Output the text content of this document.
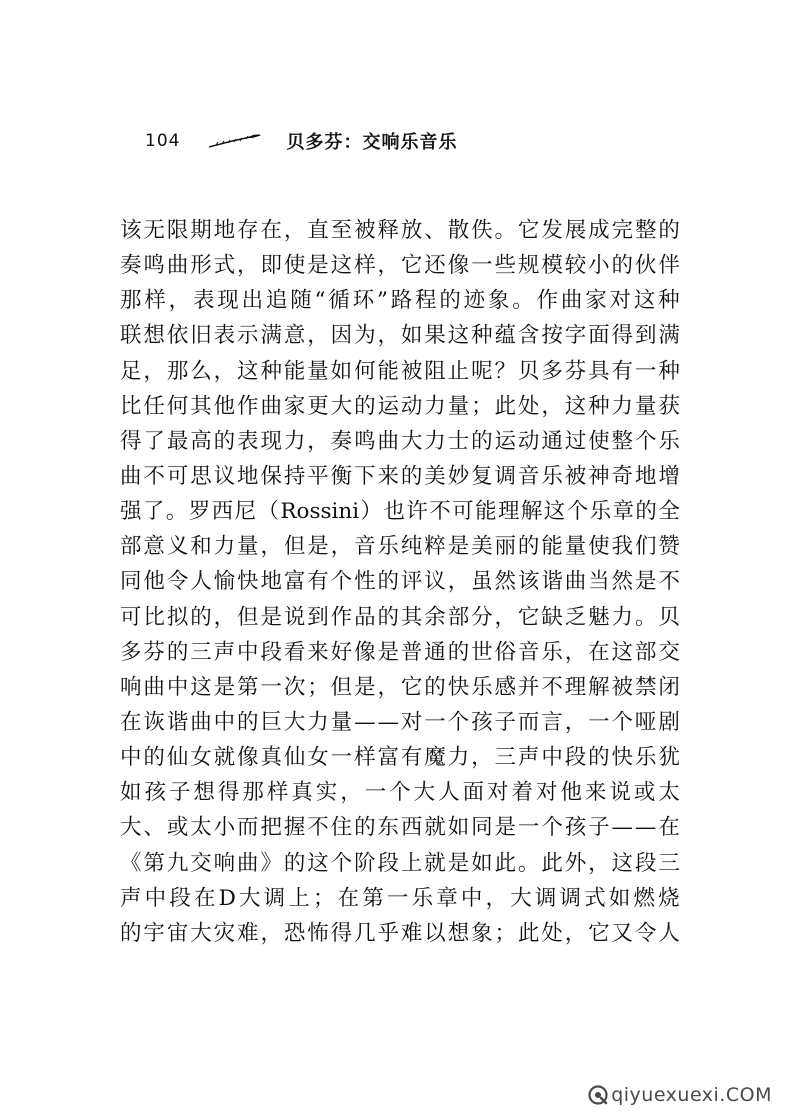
104	贝多芬：交响乐音乐
该 无 限 期 地 存 在 ， 直 至 被 释 放 、 散 佚 。 它 发 展 成 完 整 的
奏 鸣 曲 形 式 ， 即 使 是 这 样 ， 它 还 像 一 些 规 模 较 小 的 伙 伴
那 样 ， 表 现 出 追 随 “ 循 环 ” 路 程 的 迹 象 。 作 曲 家 对 这 种
联 想 依 旧 表 示 满 意 ， 因 为 ， 如 果 这 种 蕴 含 按 字 面 得 到 满
足 ， 那 么 ， 这 种 能 量 如 何 能 被 阻 止 呢 ？ 贝 多 芬 具 有 一 种
比 任 何 其 他 作 曲 家 更 大 的 运 动 力 量 ； 此 处 ， 这 种 力 量 获
得 了 最 高 的 表 现 力 ， 奏 鸣 曲 大 力 士 的 运 动 通 过 使 整 个 乐
曲 不 可 思 议 地 保 持 平 衡 下 来 的 美 妙 复 调 音 乐 被 神 奇 地 增
强 了 。 罗 西 尼 （ Rossini ） 也 许 不 可 能 理 解 这 个 乐 章 的 全
部 意 义 和 力 量 ， 但 是 ， 音 乐 纯 粹 是 美 丽 的 能 量 使 我 们 赞
同 他 令 人 愉 快 地 富 有 个 性 的 评 议 ， 虽 然 该 谐 曲 当 然 是 不
可 比 拟 的 ， 但 是 说 到 作 品 的 其 余 部 分 ， 它 缺 乏 魅 力 。 贝
多 芬 的 三 声 中 段 看 来 好 像 是 普 通 的 世 俗 音 乐 ， 在 这 部 交
响 曲 中 这 是 第 一 次 ； 但 是 ， 它 的 快 乐 感 并 不 理 解 被 禁 闭
在 诙 谐 曲 中 的 巨 大 力 量 — — 对 一 个 孩 子 而 言 ， 一 个 哑 剧
中 的 仙 女 就 像 真 仙 女 一 样 富 有 魔 力 ， 三 声 中 段 的 快 乐 犹
如 孩 子 想 得 那 样 真 实 ， 一 个 大 人 面 对 着 对 他 来 说 或 太
大 、 或 太 小 而 把 握 不 住 的 东 西 就 如 同 是 一 个 孩 子 — — 在
《 第 九 交 响 曲 》 的 这 个 阶 段 上 就 是 如 此 。 此 外 ， 这 段 三
声 中 段 在 D 大 调 上 ； 在 第 一 乐 章 中 ， 大 调 调 式 如 燃 烧
的 宇 宙 大 灾 难 ， 恐 怖 得 几 乎 难 以 想 象 ； 此 处 ， 它 又 令 人
qiyuexuexi.COM
